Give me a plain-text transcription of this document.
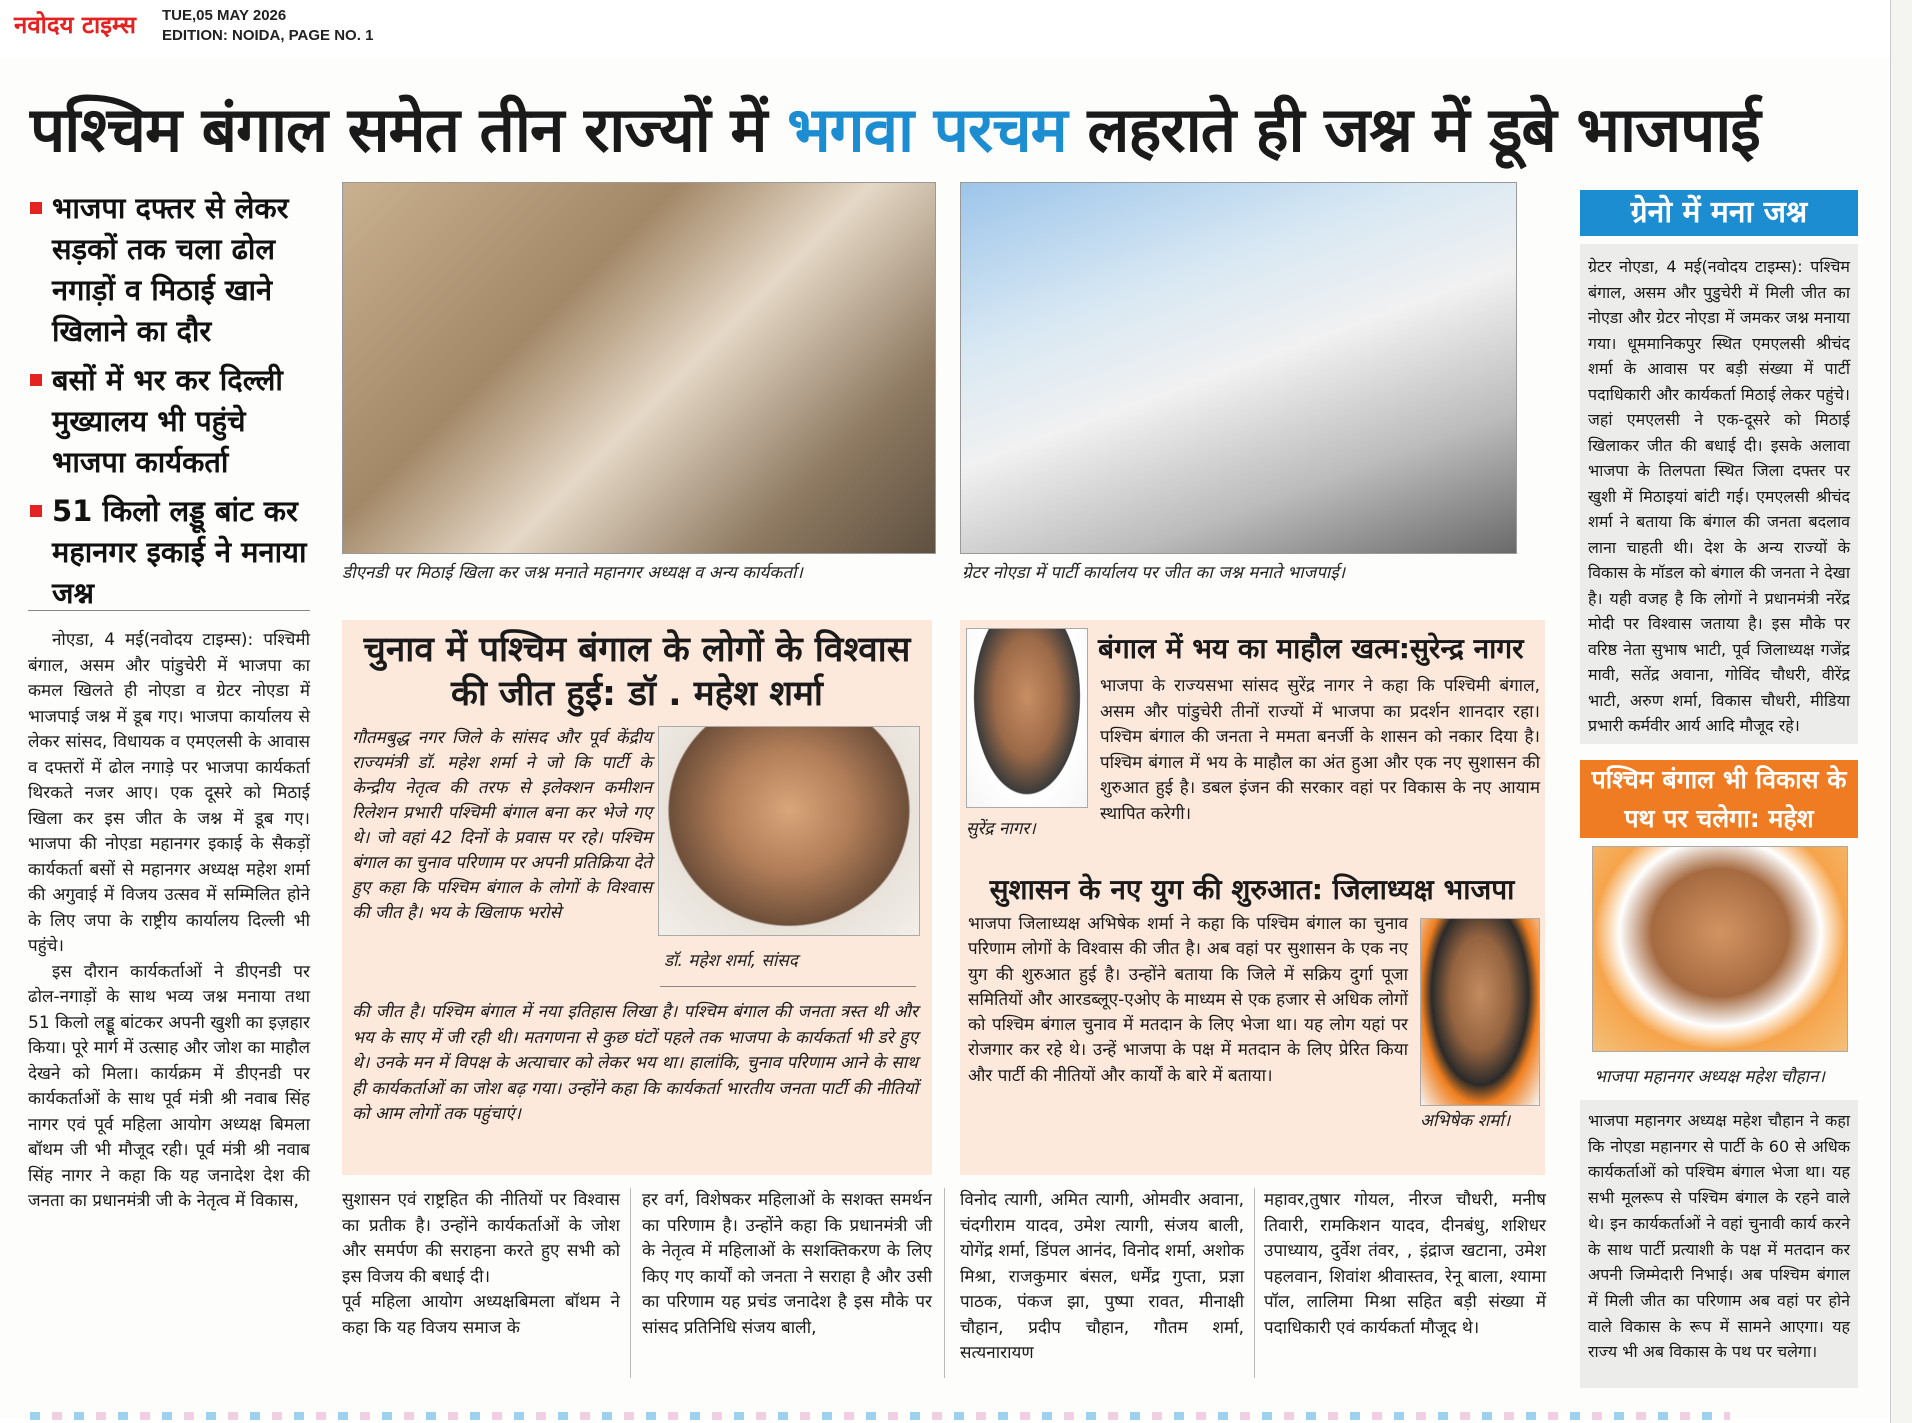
नवोदय टाइम्स TUE,05 MAY 2026
EDITION: NOIDA, PAGE NO. 1
पश्चिम बंगाल समेत तीन राज्यों में भगवा परचम लहराते ही जश्न में डूबे भाजपाई
भाजपा दफ्तर से लेकर सड़कों तक चला ढोल नगाड़ों व मिठाई खाने खिलाने का दौर
बसों में भर कर दिल्ली मुख्यालय भी पहुंचे भाजपा कार्यकर्ता
51 किलो लड्डू बांट कर महानगर इकाई ने मनाया जश्न
डीएनडी पर मिठाई खिला कर जश्न मनाते महानगर अध्यक्ष व अन्य कार्यकर्ता।	ग्रेटर नोएडा में पार्टी कार्यालय पर जीत का जश्न मनाते भाजपाई।
नोएडा, 4 मई(नवोदय टाइम्स): पश्चिमी बंगाल, असम और पांडुचेरी में भाजपा का कमल खिलते ही नोएडा व ग्रेटर नोएडा में भाजपाई जश्न में डूब गए। भाजपा कार्यालय से लेकर सांसद, विधायक व एमएलसी के आवास व दफ्तरों में ढोल नगाड़े पर भाजपा कार्यकर्ता थिरकते नजर आए। एक दूसरे को मिठाई खिला कर इस जीत के जश्न में डूब गए। भाजपा की नोएडा महानगर इकाई के सैकड़ों कार्यकर्ता बसों से महानगर अध्यक्ष महेश शर्मा की अगुवाई में विजय उत्सव में सम्मिलित होने के लिए जपा के राष्ट्रीय कार्यालय दिल्ली भी पहुंचे।
इस दौरान कार्यकर्ताओं ने डीएनडी पर ढोल-नगाड़ों के साथ भव्य जश्न मनाया तथा 51 किलो लड्डू बांटकर अपनी खुशी का इज़हार किया। पूरे मार्ग में उत्साह और जोश का माहौल देखने को मिला। कार्यक्रम में डीएनडी पर कार्यकर्ताओं के साथ पूर्व मंत्री श्री नवाब सिंह नागर एवं पूर्व महिला आयोग अध्यक्ष बिमला बॉथम जी भी मौजूद रही। पूर्व मंत्री श्री नवाब सिंह नागर ने कहा कि यह जनादेश देश की जनता का प्रधानमंत्री जी के नेतृत्व में विकास,
चुनाव में पश्चिम बंगाल के लोगों के विश्वास की जीत हुई: डॉ . महेश शर्मा
गौतमबुद्ध नगर जिले के सांसद और पूर्व केंद्रीय राज्यमंत्री डॉ. महेश शर्मा ने जो कि पार्टी के केन्द्रीय नेतृत्व की तरफ से इलेक्शन कमीशन रिलेशन प्रभारी पश्चिमी बंगाल बना कर भेजे गए थे। जो वहां 42 दिनों के प्रवास पर रहे। पश्चिम बंगाल का चुनाव परिणाम पर अपनी प्रतिक्रिया देते हुए कहा कि पश्चिम बंगाल के लोगों के विश्वास की जीत है। भय के खिलाफ भरोसे
डॉ. महेश शर्मा, सांसद
की जीत है। पश्चिम बंगाल में नया इतिहास लिखा है। पश्चिम बंगाल की जनता त्रस्त थी और भय के साए में जी रही थी। मतगणना से कुछ घंटों पहले तक भाजपा के कार्यकर्ता भी डरे हुए थे। उनके मन में विपक्ष के अत्याचार को लेकर भय था। हालांकि, चुनाव परिणाम आने के साथ ही कार्यकर्ताओं का जोश बढ़ गया। उन्होंने कहा कि कार्यकर्ता भारतीय जनता पार्टी की नीतियों को आम लोगों तक पहुंचाएं।
सुरेंद्र नागर।
बंगाल में भय का माहौल खत्म:सुरेन्द्र नागर
भाजपा के राज्यसभा सांसद सुरेंद्र नागर ने कहा कि पश्चिमी बंगाल, असम और पांडुचेरी तीनों राज्यों में भाजपा का प्रदर्शन शानदार रहा। पश्चिम बंगाल की जनता ने ममता बनर्जी के शासन को नकार दिया है। पश्चिम बंगाल में भय के माहौल का अंत हुआ और एक नए सुशासन की शुरुआत हुई है। डबल इंजन की सरकार वहां पर विकास के नए आयाम स्थापित करेगी।
सुशासन के नए युग की शुरुआत: जिलाध्यक्ष भाजपा
भाजपा जिलाध्यक्ष अभिषेक शर्मा ने कहा कि पश्चिम बंगाल का चुनाव परिणाम लोगों के विश्वास की जीत है। अब वहां पर सुशासन के एक नए युग की शुरुआत हुई है। उन्होंने बताया कि जिले में सक्रिय दुर्गा पूजा समितियों और आरडब्लूए-एओए के माध्यम से एक हजार से अधिक लोगों को पश्चिम बंगाल चुनाव में मतदान के लिए भेजा था। यह लोग यहां पर रोजगार कर रहे थे। उन्हें भाजपा के पक्ष में मतदान के लिए प्रेरित किया और पार्टी की नीतियों और कार्यों के बारे में बताया।
अभिषेक शर्मा।
सुशासन एवं राष्ट्रहित की नीतियों पर विश्वास का प्रतीक है। उन्होंने कार्यकर्ताओं के जोश और समर्पण की सराहना करते हुए सभी को इस विजय की बधाई दी।
पूर्व महिला आयोग अध्यक्षबिमला बॉथम ने कहा कि यह विजय समाज के
हर वर्ग, विशेषकर महिलाओं के सशक्त समर्थन का परिणाम है। उन्होंने कहा कि प्रधानमंत्री जी के नेतृत्व में महिलाओं के सशक्तिकरण के लिए किए गए कार्यों को जनता ने सराहा है और उसी का परिणाम यह प्रचंड जनादेश है इस मौके पर सांसद प्रतिनिधि संजय बाली,
विनोद त्यागी, अमित त्यागी, ओमवीर अवाना, चंदगीराम यादव, उमेश त्यागी, संजय बाली, योगेंद्र शर्मा, डिंपल आनंद, विनोद शर्मा, अशोक मिश्रा, राजकुमार बंसल, धर्मेंद्र गुप्ता, प्रज्ञा पाठक, पंकज झा, पुष्पा रावत, मीनाक्षी चौहान, प्रदीप चौहान, गौतम शर्मा, सत्यनारायण
महावर,तुषार गोयल, नीरज चौधरी, मनीष तिवारी, रामकिशन यादव, दीनबंधु, शशिधर उपाध्याय, दुर्वेश तंवर, , इंद्राज खटाना, उमेश पहलवान, शिवांश श्रीवास्तव, रेनू बाला, श्यामा पॉल, लालिमा मिश्रा सहित बड़ी संख्या में पदाधिकारी एवं कार्यकर्ता मौजूद थे।
ग्रेनो में मना जश्न
ग्रेटर नोएडा, 4 मई(नवोदय टाइम्स): पश्चिम बंगाल, असम और पुडुचेरी में मिली जीत का नोएडा और ग्रेटर नोएडा में जमकर जश्न मनाया गया। धूममानिकपुर स्थित एमएलसी श्रीचंद शर्मा के आवास पर बड़ी संख्या में पार्टी पदाधिकारी और कार्यकर्ता मिठाई लेकर पहुंचे। जहां एमएलसी ने एक-दूसरे को मिठाई खिलाकर जीत की बधाई दी। इसके अलावा भाजपा के तिलपता स्थित जिला दफ्तर पर खुशी में मिठाइयां बांटी गई। एमएलसी श्रीचंद शर्मा ने बताया कि बंगाल की जनता बदलाव लाना चाहती थी। देश के अन्य राज्यों के विकास के मॉडल को बंगाल की जनता ने देखा है। यही वजह है कि लोगों ने प्रधानमंत्री नरेंद्र मोदी पर विश्वास जताया है। इस मौके पर वरिष्ठ नेता सुभाष भाटी, पूर्व जिलाध्यक्ष गजेंद्र मावी, सतेंद्र अवाना, गोविंद चौधरी, वीरेंद्र भाटी, अरुण शर्मा, विकास चौधरी, मीडिया प्रभारी कर्मवीर आर्य आदि मौजूद रहे।
पश्चिम बंगाल भी विकास के पथ पर चलेगा: महेश
भाजपा महानगर अध्यक्ष महेश चौहान।
भाजपा महानगर अध्यक्ष महेश चौहान ने कहा कि नोएडा महानगर से पार्टी के 60 से अधिक कार्यकर्ताओं को पश्चिम बंगाल भेजा था। यह सभी मूलरूप से पश्चिम बंगाल के रहने वाले थे। इन कार्यकर्ताओं ने वहां चुनावी कार्य करने के साथ पार्टी प्रत्याशी के पक्ष में मतदान कर अपनी जिम्मेदारी निभाई। अब पश्चिम बंगाल में मिली जीत का परिणाम अब वहां पर होने वाले विकास के रूप में सामने आएगा। यह राज्य भी अब विकास के पथ पर चलेगा।
